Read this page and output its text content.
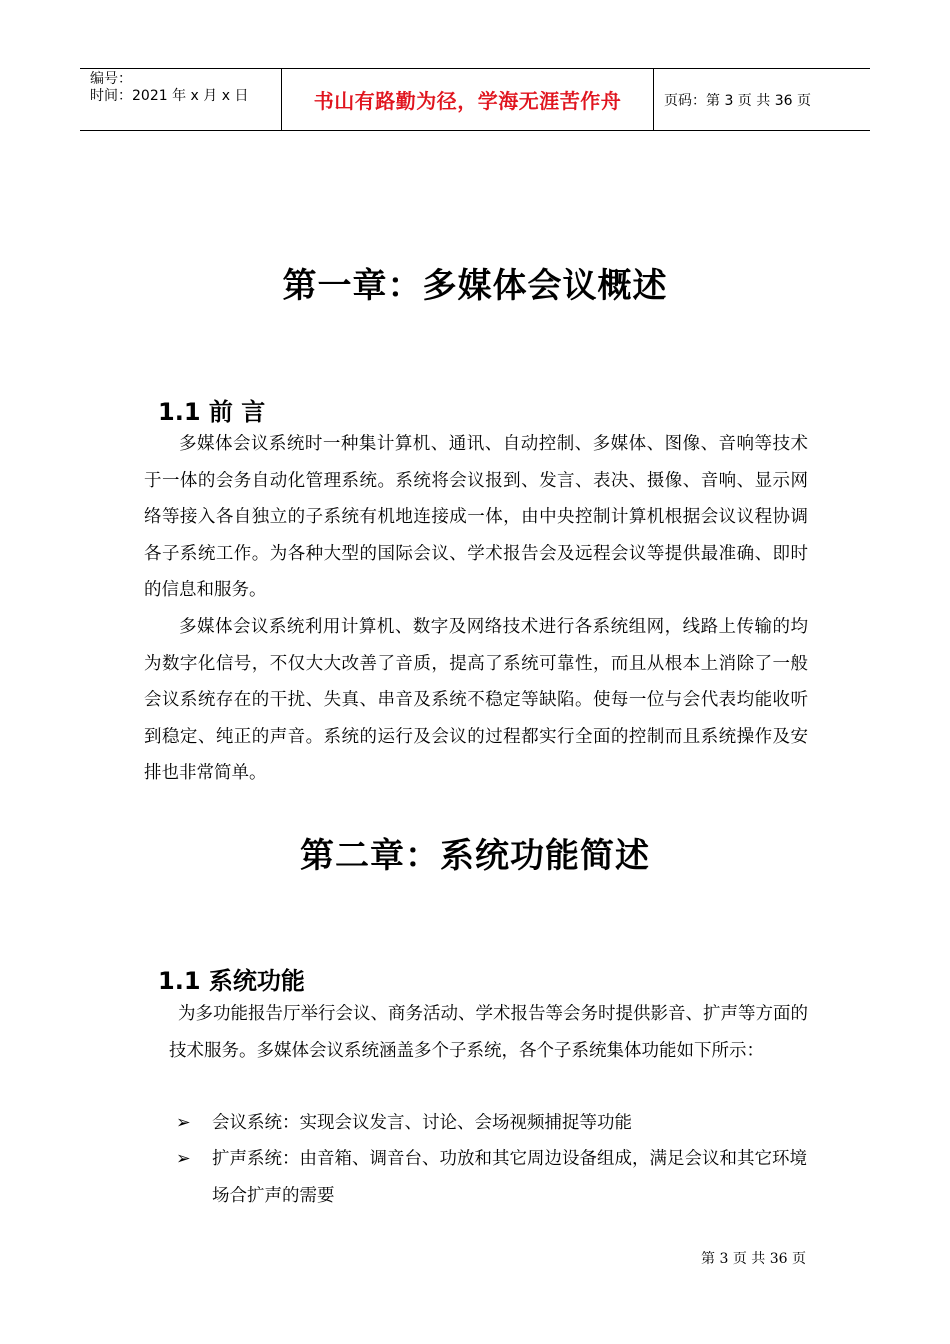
编号：
时间：2021 年 x 月 x 日	书山有路勤为径，学海无涯苦作舟	页码：第 3 页 共 36 页
第一章：多媒体会议概述
1.1 前 言

多媒体会议系统时一种集计算机、通讯、自动控制、多媒体、图像、音响等技术于一体的会务自动化管理系统。系统将会议报到、发言、表决、摄像、音响、显示网络等接入各自独立的子系统有机地连接成一体，由中央控制计算机根据会议议程协调各子系统工作。为各种大型的国际会议、学术报告会及远程会议等提供最准确、即时的信息和服务。

多媒体会议系统利用计算机、数字及网络技术进行各系统组网，线路上传输的均为数字化信号，不仅大大改善了音质，提高了系统可靠性，而且从根本上消除了一般会议系统存在的干扰、失真、串音及系统不稳定等缺陷。使每一位与会代表均能收听到稳定、纯正的声音。系统的运行及会议的过程都实行全面的控制而且系统操作及安排也非常简单。

第二章：系统功能简述
1.1 系统功能

为多功能报告厅举行会议、商务活动、学术报告等会务时提供影音、扩声等方面的技术服务。多媒体会议系统涵盖多个子系统，各个子系统集体功能如下所示：

➢	会议系统：实现会议发言、讨论、会场视频捕捉等功能
➢	扩声系统：由音箱、调音台、功放和其它周边设备组成，满足会议和其它环境场合扩声的需要
第 3 页 共 36 页
